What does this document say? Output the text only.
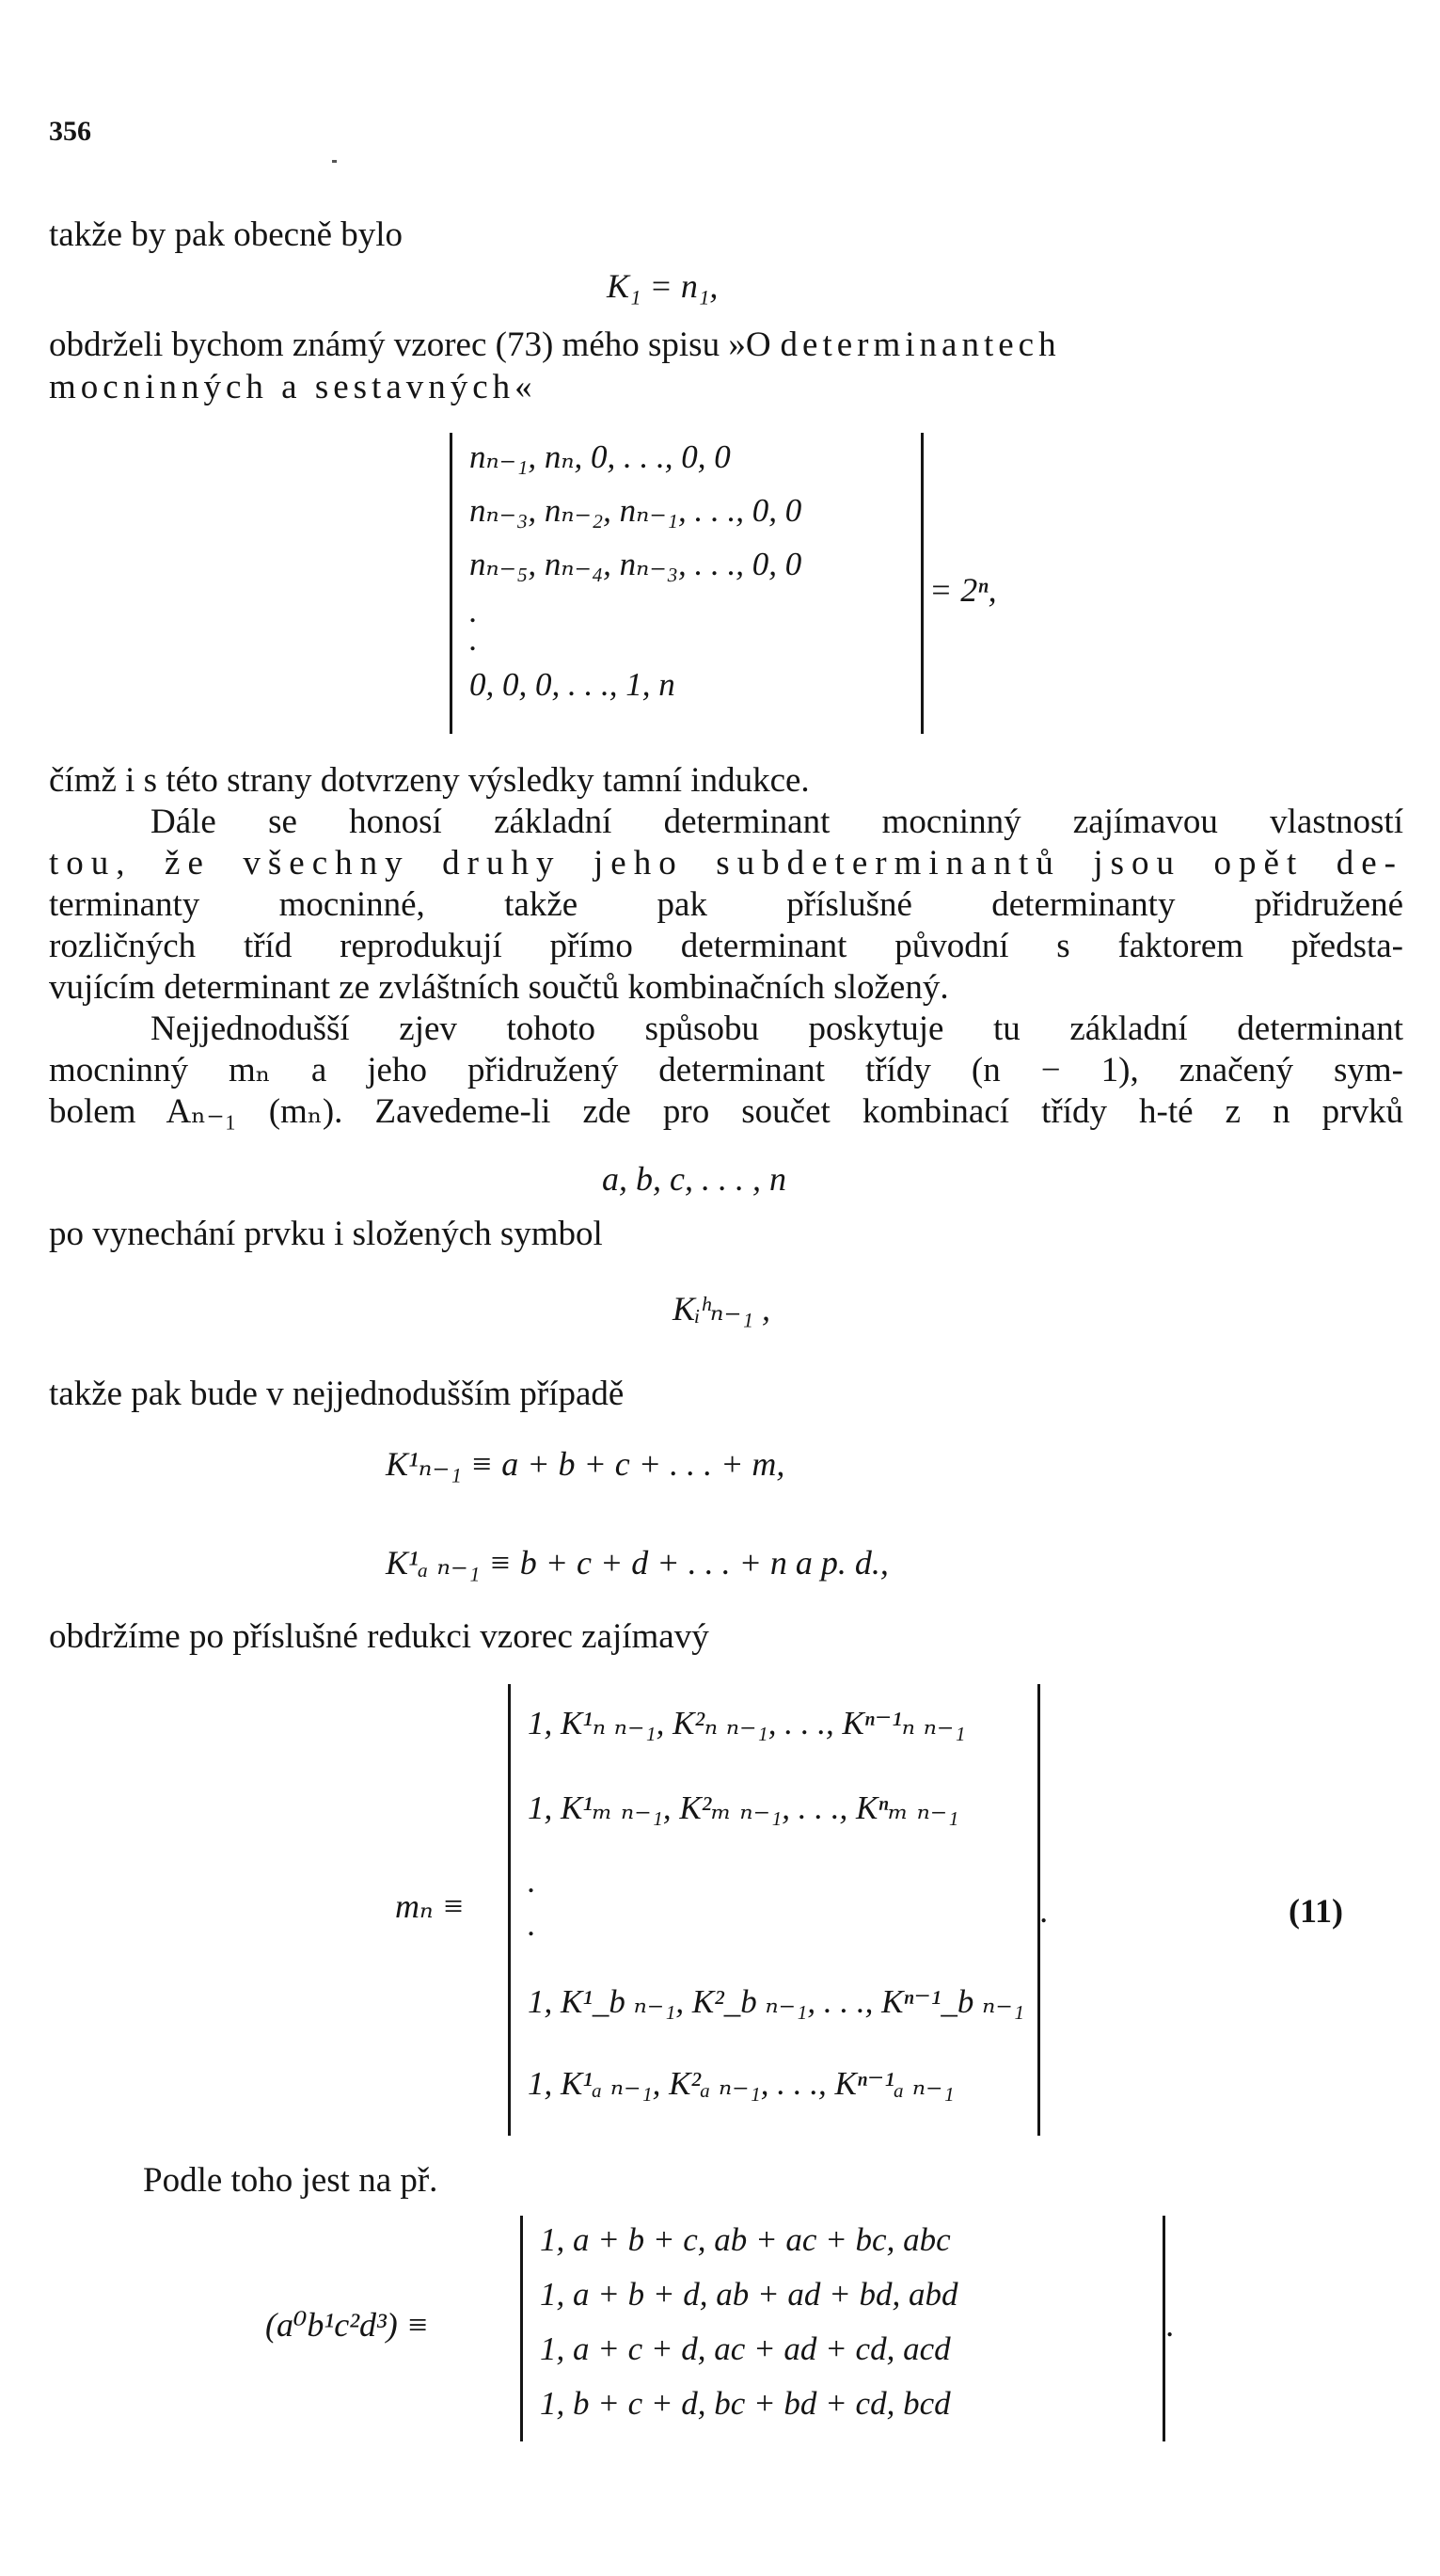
356
takže by pak obecně bylo
K₁ = n₁,
obdrželi bychom známý vzorec (73) mého spisu »O determinantech
mocninných a sestavných«
nₙ₋₁, nₙ, 0, . . ., 0, 0
nₙ₋₃, nₙ₋₂, nₙ₋₁, . . ., 0, 0
nₙ₋₅, nₙ₋₄, nₙ₋₃, . . ., 0, 0
.
.
0, 0, 0, . . ., 1, n
= 2ⁿ,
čímž i s této strany dotvrzeny výsledky tamní indukce.
Dále se honosí základní determinant mocninný zajímavou vlastností
tou, že všechny druhy jeho subdeterminantů jsou opět de-
terminanty mocninné, takže pak příslušné determinanty přidružené
rozličných tříd reprodukují přímo determinant původní s faktorem předsta-
vujícím determinant ze zvláštních součtů kombinačních složený.
Nejjednodušší zjev tohoto spůsobu poskytuje tu základní determinant
mocninný mₙ a jeho přidružený determinant třídy (n − 1), značený sym-
bolem Aₙ₋₁ (mₙ). Zavedeme-li zde pro součet kombinací třídy h-té z n prvků
a, b, c, . . . , n
po vynechání prvku i složených symbol
Kᵢʰₙ₋₁ ,
takže pak bude v nejjednodušším případě
K¹ₙ₋₁ ≡ a + b + c + . . . + m,
K¹ₐ ₙ₋₁ ≡ b + c + d + . . . + n a p. d.,
obdržíme po příslušné redukci vzorec zajímavý
mₙ ≡
1, K¹ₙ ₙ₋₁, K²ₙ ₙ₋₁, . . ., Kⁿ⁻¹ₙ ₙ₋₁
1, K¹ₘ ₙ₋₁, K²ₘ ₙ₋₁, . . ., Kⁿₘ ₙ₋₁
.
.
1, K¹_b ₙ₋₁, K²_b ₙ₋₁, . . ., Kⁿ⁻¹_b ₙ₋₁
1, K¹ₐ ₙ₋₁, K²ₐ ₙ₋₁, . . ., Kⁿ⁻¹ₐ ₙ₋₁
.	(11)
Podle toho jest na př.
(a⁰b¹c²d³) ≡
1, a + b + c, ab + ac + bc, abc
1, a + b + d, ab + ad + bd, abd
1, a + c + d, ac + ad + cd, acd
1, b + c + d, bc + bd + cd, bcd
.
